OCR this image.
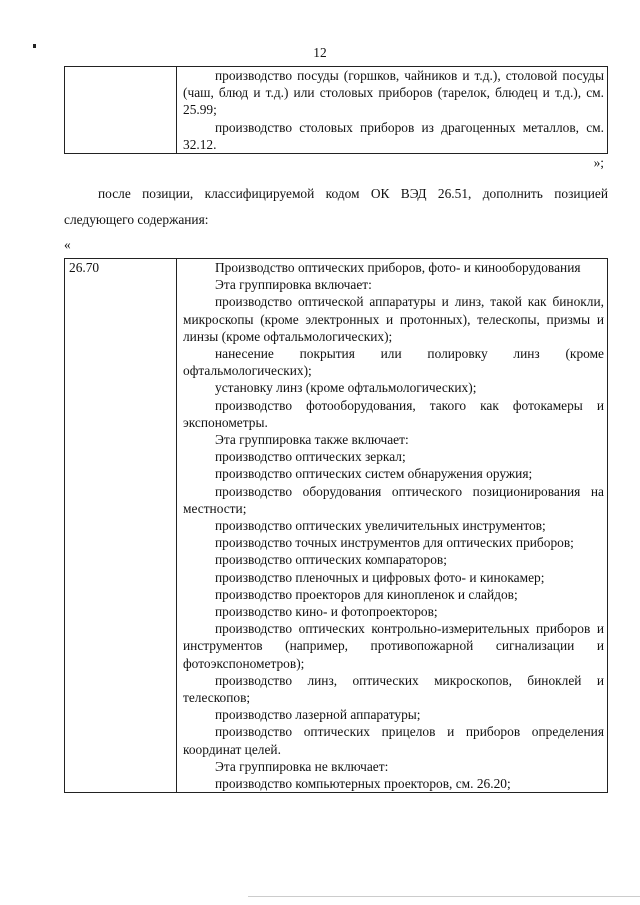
12

производство посуды (горшков, чайников и т.д.), столовой посуды (чаш, блюд и т.д.) или столовых приборов (тарелок, блюдец и т.д.), см. 25.99;

производство столовых приборов из драгоценных металлов, см. 32.12.

»;

после позиции, классифицируемой кодом ОК ВЭД 26.51, дополнить позицией следующего содержания:

«
26.70	Производство оптических приборов, фото- и кинооборудования

Эта группировка включает:

производство оптической аппаратуры и линз, такой как бинокли, микроскопы (кроме электронных и протонных), телескопы, призмы и линзы (кроме офтальмологических);

нанесение покрытия или полировку линз (кроме офтальмологических);

установку линз (кроме офтальмологических);

производство фотооборудования, такого как фотокамеры и экспонометры.

Эта группировка также включает:

производство оптических зеркал;

производство оптических систем обнаружения оружия;

производство оборудования оптического позиционирования на местности;

производство оптических увеличительных инструментов;

производство точных инструментов для оптических приборов;

производство оптических компараторов;

производство пленочных и цифровых фото- и кинокамер;

производство проекторов для кинопленок и слайдов;

производство кино- и фотопроекторов;

производство оптических контрольно-измерительных приборов и инструментов (например, противопожарной сигнализации и фотоэкспонометров);

производство линз, оптических микроскопов, биноклей и телескопов;

производство лазерной аппаратуры;

производство оптических прицелов и приборов определения координат целей.

Эта группировка не включает:

производство компьютерных проекторов, см. 26.20;
